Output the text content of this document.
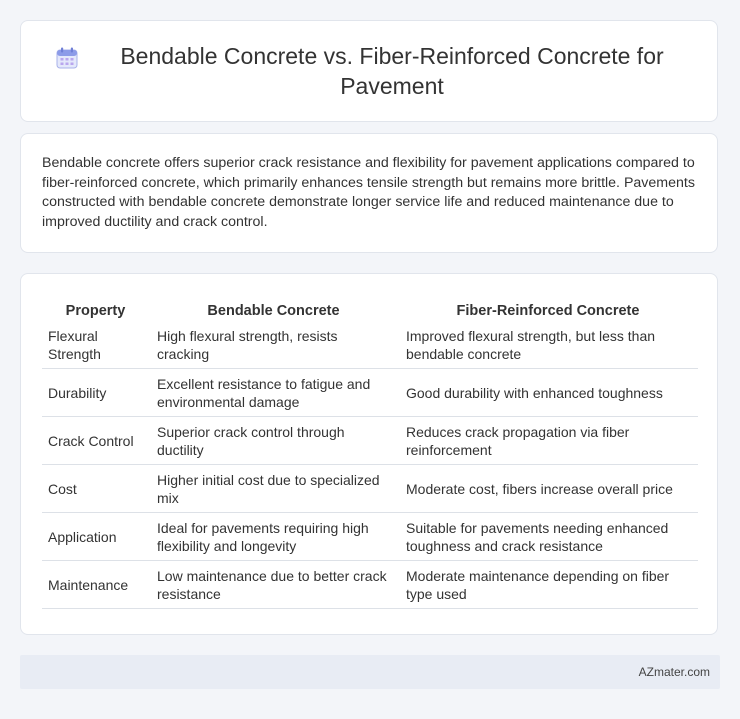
Bendable Concrete vs. Fiber-Reinforced Concrete for Pavement

Bendable concrete offers superior crack resistance and flexibility for pavement applications compared to fiber-reinforced concrete, which primarily enhances tensile strength but remains more brittle. Pavements constructed with bendable concrete demonstrate longer service life and reduced maintenance due to improved ductility and crack control.

Property	Bendable Concrete	Fiber-Reinforced Concrete
Flexural Strength	High flexural strength, resists cracking	Improved flexural strength, but less than bendable concrete
Durability	Excellent resistance to fatigue and environmental damage	Good durability with enhanced toughness
Crack Control	Superior crack control through ductility	Reduces crack propagation via fiber reinforcement
Cost	Higher initial cost due to specialized mix	Moderate cost, fibers increase overall price
Application	Ideal for pavements requiring high flexibility and longevity	Suitable for pavements needing enhanced toughness and crack resistance
Maintenance	Low maintenance due to better crack resistance	Moderate maintenance depending on fiber type used
AZmater.com
